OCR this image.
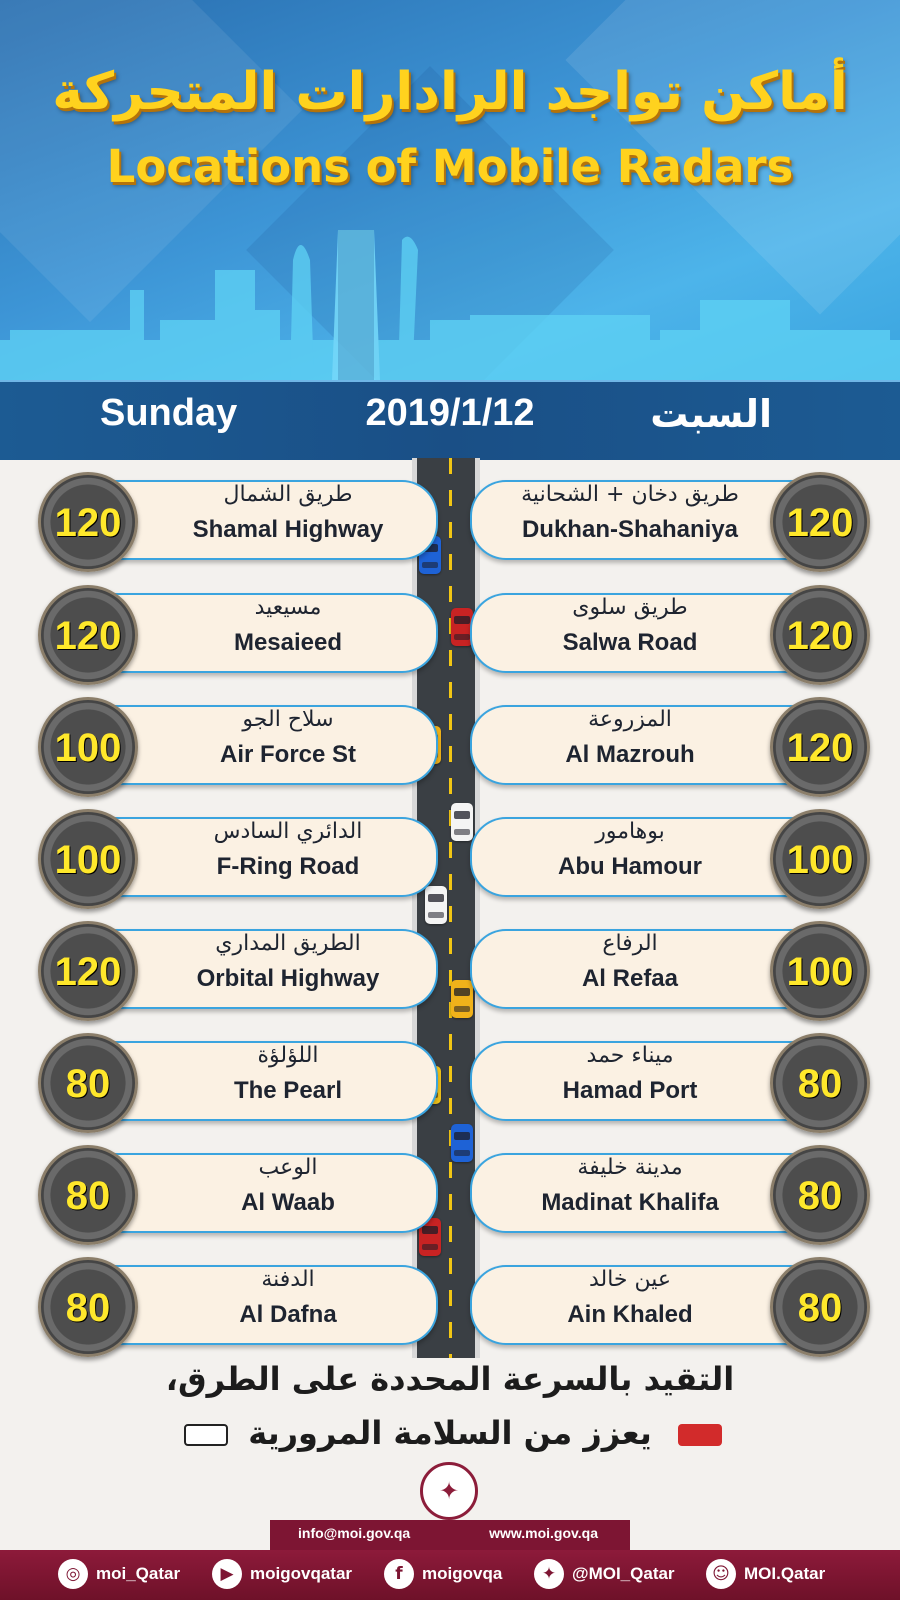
أماكن تواجد الرادارات المتحركة
Locations of Mobile Radars
Sunday	2019/1/12	السبت
طريق الشمال
Shamal Highway
120
مسيعيد
Mesaieed
120
سلاح الجو
Air Force St
100
الدائري السادس
F-Ring Road
100
الطريق المداري
Orbital Highway
120
اللؤلؤة
The Pearl
80
الوعب
Al Waab
80
الدفنة
Al Dafna
80
طريق دخان + الشحانية
Dukhan-Shahaniya	120
طريق سلوى
Salwa Road	120
المزروعة
Al Mazrouh	120
بوهامور
Abu Hamour	100
الرفاع
Al Refaa	100
ميناء حمد
Hamad Port	80
مدينة خليفة
Madinat Khalifa	80
عين خالد
Ain Khaled	80
التقيد بالسرعة المحددة على الطرق،
يعزز من السلامة المرورية
✦
info@moi.gov.qa	www.moi.gov.qa
◎ moi_Qatar	▶ moigovqatar	f	moigovqa	✦ @MOI_Qatar	☺ MOI.Qatar
